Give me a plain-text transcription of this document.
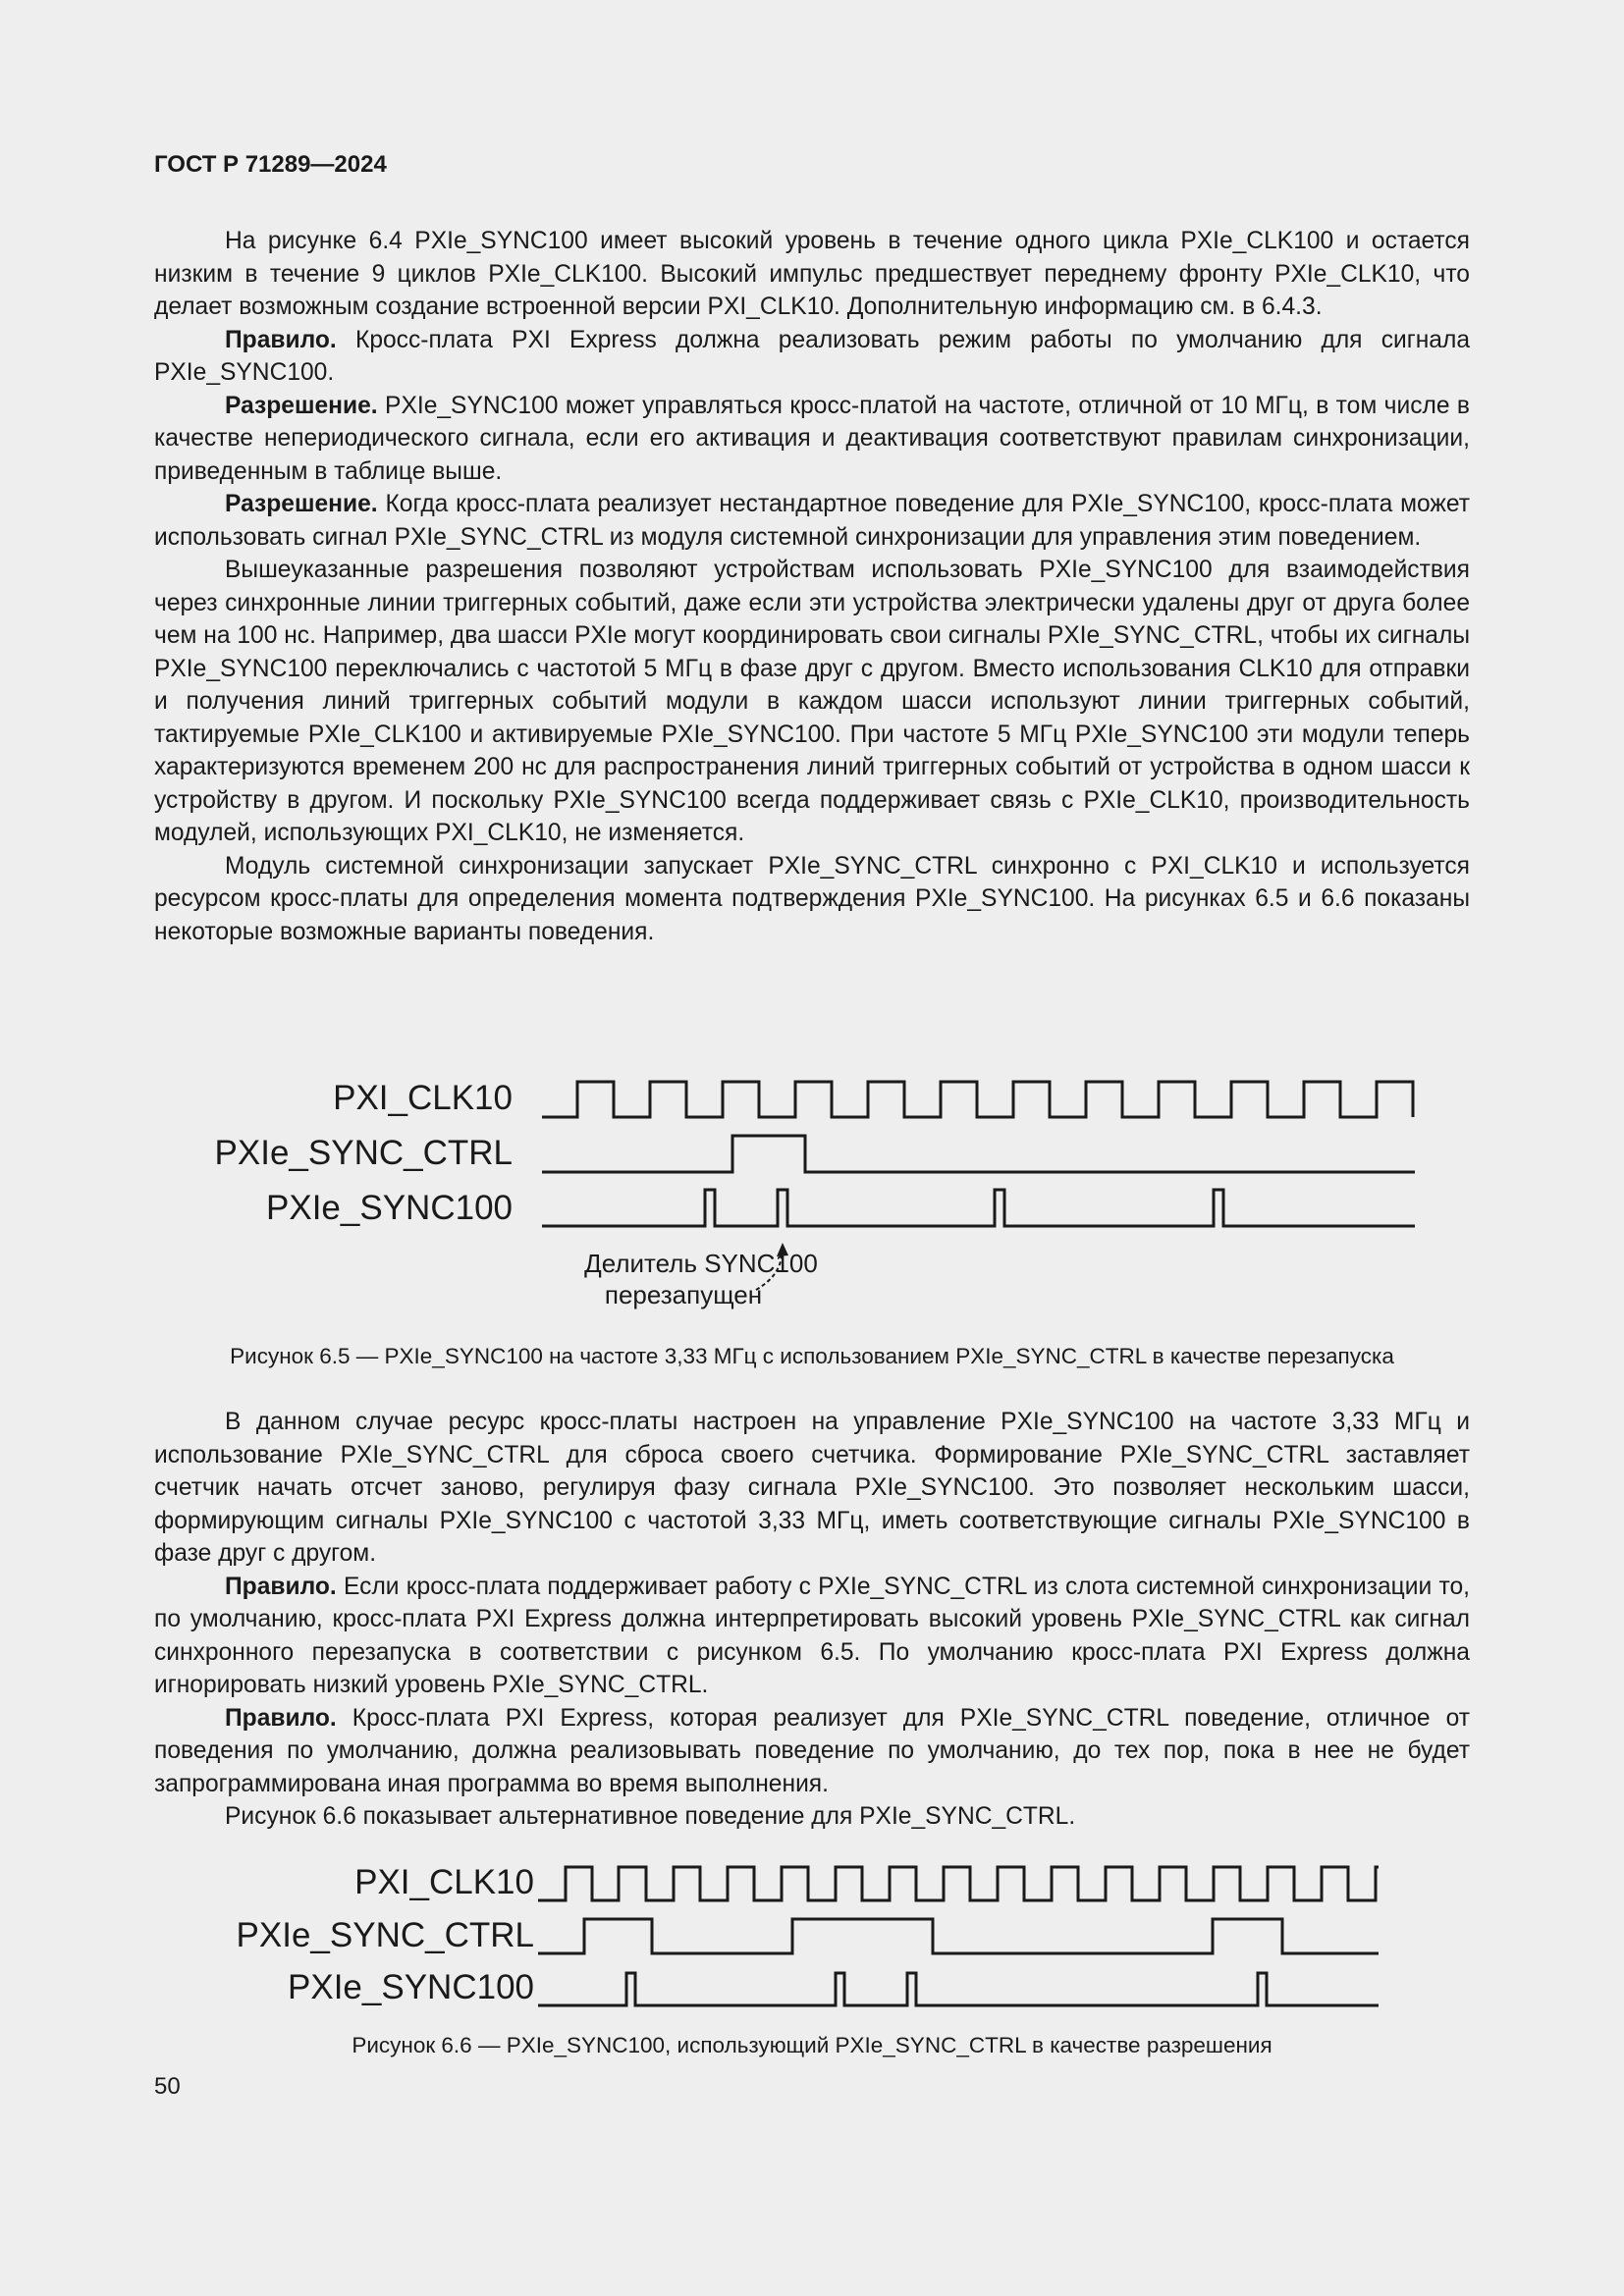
ГОСТ Р 71289—2024

На рисунке 6.4 PXIe_SYNC100 имеет высокий уровень в течение одного цикла PXIe_CLK100 и остается низким в течение 9 циклов PXIe_CLK100. Высокий импульс предшествует переднему фронту PXIe_CLK10, что делает возможным создание встроенной версии PXI_CLK10. Дополнительную информацию см. в 6.4.3.

Правило. Кросс-плата PXI Express должна реализовать режим работы по умолчанию для сигнала PXIe_SYNC100.

Разрешение. PXIe_SYNC100 может управляться кросс-платой на частоте, отличной от 10 МГц, в том числе в качестве непериодического сигнала, если его активация и деактивация соответствуют правилам синхронизации, приведенным в таблице выше.

Разрешение. Когда кросс-плата реализует нестандартное поведение для PXIe_SYNC100, кросс-плата может использовать сигнал PXIe_SYNC_CTRL из модуля системной синхронизации для управления этим поведением.

Вышеуказанные разрешения позволяют устройствам использовать PXIe_SYNC100 для взаимодействия через синхронные линии триггерных событий, даже если эти устройства электрически удалены друг от друга более чем на 100 нс. Например, два шасси PXIe могут координировать свои сигналы PXIe_SYNC_CTRL, чтобы их сигналы PXIe_SYNC100 переключались с частотой 5 МГц в фазе друг с другом. Вместо использования CLK10 для отправки и получения линий триггерных событий модули в каждом шасси используют линии триггерных событий, тактируемые PXIe_CLK100 и активируемые PXIe_SYNC100. При частоте 5 МГц PXIe_SYNC100 эти модули теперь характеризуются временем 200 нс для распространения линий триггерных событий от устройства в одном шасси к устройству в другом. И поскольку PXIe_SYNC100 всегда поддерживает связь с PXIe_CLK10, производительность модулей, использующих PXI_CLK10, не изменяется.

Модуль системной синхронизации запускает PXIe_SYNC_CTRL синхронно с PXI_CLK10 и используется ресурсом кросс-платы для определения момента подтверждения PXIe_SYNC100. На рисунках 6.5 и 6.6 показаны некоторые возможные варианты поведения.

PXI_CLK10
PXIe_SYNC_CTRL
PXIe_SYNC100
Делитель SYNC100
перезапущен
Рисунок 6.5 — PXIe_SYNC100 на частоте 3,33 МГц с использованием PXIe_SYNC_CTRL в качестве перезапуска

В данном случае ресурс кросс-платы настроен на управление PXIe_SYNC100 на частоте 3,33 МГц и использование PXIe_SYNC_CTRL для сброса своего счетчика. Формирование PXIe_SYNC_CTRL заставляет счетчик начать отсчет заново, регулируя фазу сигнала PXIe_SYNC100. Это позволяет нескольким шасси, формирующим сигналы PXIe_SYNC100 с частотой 3,33 МГц, иметь соответствующие сигналы PXIe_SYNC100 в фазе друг с другом.

Правило. Если кросс-плата поддерживает работу с PXIe_SYNC_CTRL из слота системной синхронизации то, по умолчанию, кросс-плата PXI Express должна интерпретировать высокий уровень PXIe_SYNC_CTRL как сигнал синхронного перезапуска в соответствии с рисунком 6.5. По умолчанию кросс-плата PXI Express должна игнорировать низкий уровень PXIe_SYNC_CTRL.

Правило. Кросс-плата PXI Express, которая реализует для PXIe_SYNC_CTRL поведение, отличное от поведения по умолчанию, должна реализовывать поведение по умолчанию, до тех пор, пока в нее не будет запрограммирована иная программа во время выполнения.

Рисунок 6.6 показывает альтернативное поведение для PXIe_SYNC_CTRL.

PXI_CLK10
PXIe_SYNC_CTRL
PXIe_SYNC100
Рисунок 6.6 — PXIe_SYNC100, использующий PXIe_SYNC_CTRL в качестве разрешения
50
